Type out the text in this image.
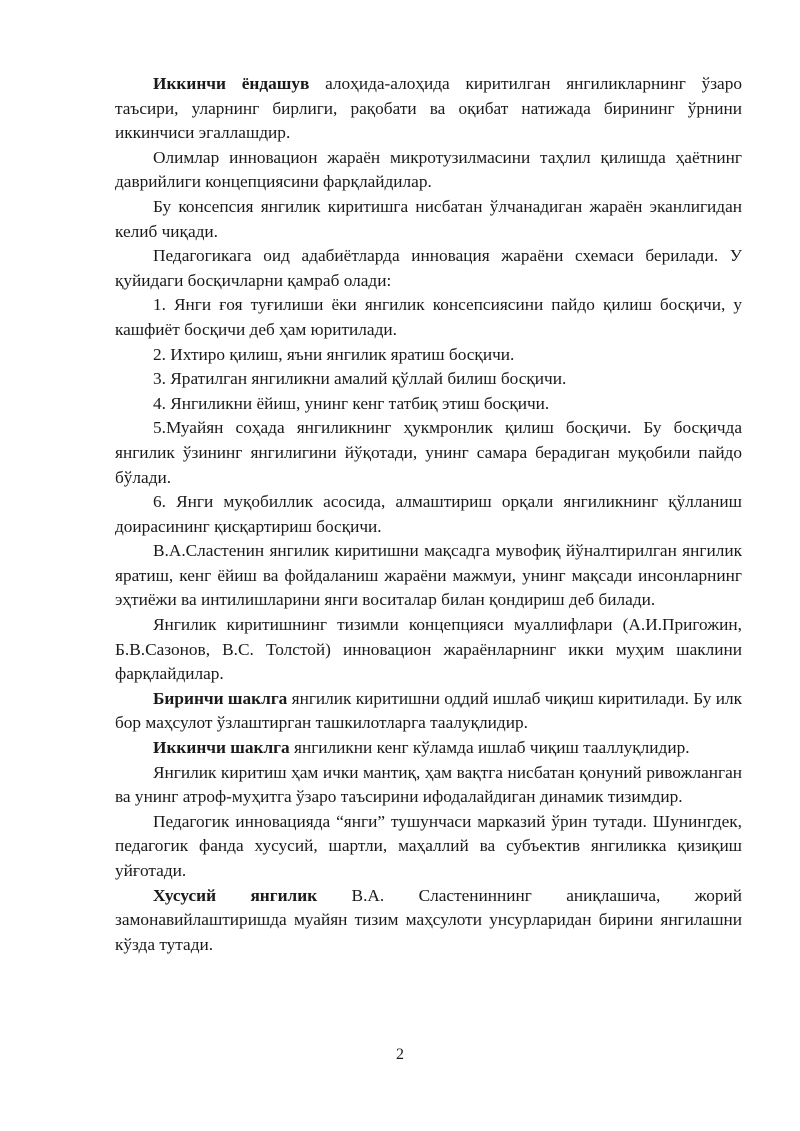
Иккинчи ёндашув алоҳида-алоҳида киритилган янгиликларнинг ўзаро таъсири, уларнинг бирлиги, рақобати ва оқибат натижада бирининг ўрнини иккинчиси эгаллашдир.

Олимлар инновацион жараён микротузилмасини таҳлил қилишда ҳаётнинг даврийлиги концепциясини фарқлайдилар.

Бу консепсия янгилик киритишга нисбатан ўлчанадиган жараён эканлигидан келиб чиқади.

Педагогикага оид адабиётларда инновация жараёни схемаси берилади. У қуйидаги босқичларни қамраб олади:

1. Янги ғоя туғилиши ёки янгилик консепсиясини пайдо қилиш босқичи, у кашфиёт босқичи деб ҳам юритилади.

2. Ихтиро қилиш, яъни янгилик яратиш босқичи.

3. Яратилган янгиликни амалий қўллай билиш босқичи.

4. Янгиликни ёйиш, унинг кенг татбиқ этиш босқичи.

5.Муайян соҳада янгиликнинг ҳукмронлик қилиш босқичи. Бу босқичда янгилик ўзининг янгилигини йўқотади, унинг самара берадиган муқобили пайдо бўлади.

6. Янги муқобиллик асосида, алмаштириш орқали янгиликнинг қўлланиш доирасининг қисқартириш босқичи.

В.А.Сластенин янгилик киритишни мақсадга мувофиқ йўналтирилган янгилик яратиш, кенг ёйиш ва фойдаланиш жараёни мажмуи, унинг мақсади инсонларнинг эҳтиёжи ва интилишларини янги воситалар билан қондириш деб билади.

Янгилик киритишнинг тизимли концепцияси муаллифлари (А.И.Пригожин, Б.В.Сазонов, В.С. Толстой) инновацион жараёнларнинг икки муҳим шаклини фарқлайдилар.

Биринчи шаклга янгилик киритишни оддий ишлаб чиқиш киритилади. Бу илк бор маҳсулот ўзлаштирган ташкилотларга таалуқлидир.

Иккинчи шаклга янгиликни кенг кўламда ишлаб чиқиш тааллуқлидир.

Янгилик киритиш ҳам ички мантиқ, ҳам вақтга нисбатан қонуний ривожланган ва унинг атроф-муҳитга ўзаро таъсирини ифодалайдиган динамик тизимдир.

Педагогик инновацияда “янги” тушунчаси марказий ўрин тутади. Шунингдек, педагогик фанда хусусий, шартли, маҳаллий ва субъектив янгиликка қизиқиш уйғотади.

Хусусий янгилик В.А. Сластениннинг аниқлашича, жорий замонавийлаштиришда муайян тизим маҳсулоти унсурларидан бирини янгилашни кўзда тутади.

2
